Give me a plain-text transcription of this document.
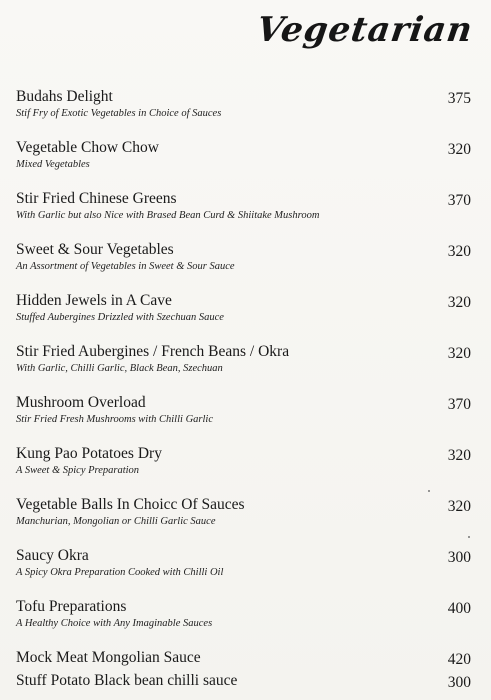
Vegetarian
Budahs Delight
Stif Fry of Exotic Vegetables in Choice of Sauces
375
Vegetable Chow Chow
Mixed Vegetables
320
Stir Fried Chinese Greens
With Garlic but also Nice with Brased Bean Curd & Shiitake Mushroom
370
Sweet & Sour Vegetables
An Assortment of Vegetables in Sweet & Sour Sauce
320
Hidden Jewels in A Cave
Stuffed Aubergines Drizzled with Szechuan Sauce
320
Stir Fried Aubergines / French Beans / Okra
With Garlic, Chilli Garlic, Black Bean, Szechuan
320
Mushroom Overload
Stir Fried Fresh Mushrooms with Chilli Garlic
370
Kung Pao Potatoes Dry
A Sweet & Spicy Preparation
320
Vegetable Balls In Choicc Of Sauces
Manchurian, Mongolian or Chilli Garlic Sauce
320
Saucy Okra
A Spicy Okra Preparation Cooked with Chilli Oil
300
Tofu Preparations
A Healthy Choice with Any Imaginable Sauces
400
Mock Meat Mongolian Sauce	420
Stuff Potato Black bean chilli sauce	300
